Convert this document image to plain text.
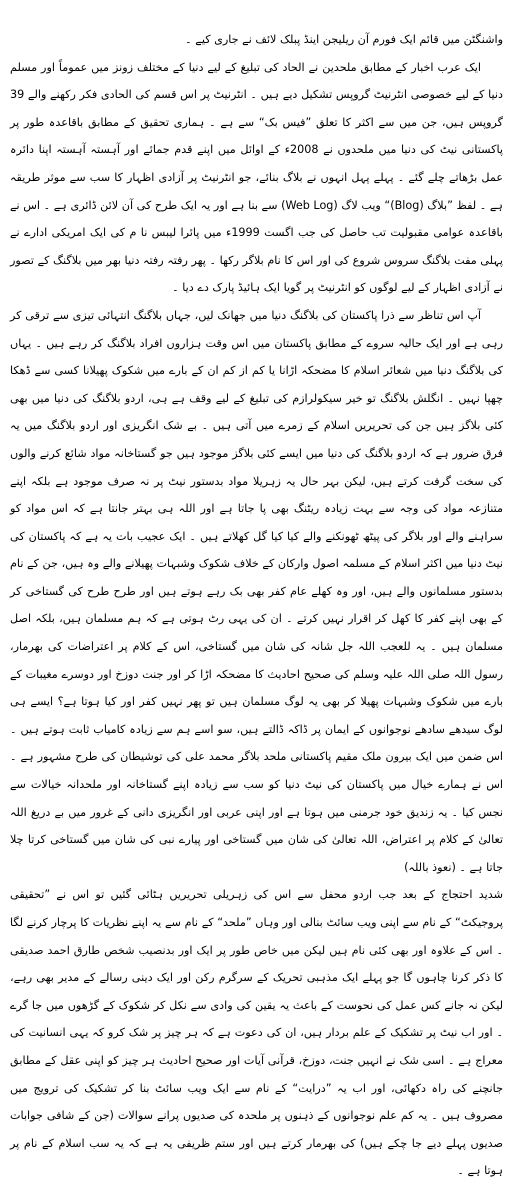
واشنگٹن میں قائم ایک فورم آن ریلیجن اینڈ پبلک لائف نے جاری کیے ۔

ایک عرب اخبار کے مطابق ملحدین نے الحاد کی تبلیغ کے لیے دنیا کے مختلف زونز میں عموماً اور مسلم دنیا کے لیے خصوصی انٹرنیٹ گروپس تشکیل دیے ہیں ۔ انٹرنیٹ پر اس قسم کی الحادی فکر رکھنے والے 39 گروپس ہیں، جن میں سے اکثر کا تعلق ”فیس بک“ سے ہے ۔ ہماری تحقیق کے مطابق باقاعدہ طور پر پاکستانی نیٹ کی دنیا میں ملحدوں نے 2008ء کے اوائل میں اپنے قدم جمائے اور آہستہ آہستہ اپنا دائرہ عمل بڑھاتے چلے گئے ۔ پہلے پہل انہوں نے بلاگ بنائے، جو انٹرنیٹ پر آزادی اظہار کا سب سے موثر طریقہ ہے ۔ لفظ ”بلاگ (Blog)“ ویب لاگ (Web Log) سے بنا ہے اور یہ ایک طرح کی آن لائن ڈائری ہے ۔ اس نے باقاعدہ عوامی مقبولیت تب حاصل کی جب اگست 1999ء میں پائرا لیبس نا م کی ایک امریکی ادارے نے پہلی مفت بلاگنگ سروس شروع کی اور اس کا نام بلاگر رکھا ۔ پھر رفتہ رفتہ دنیا بھر میں بلاگنگ کے تصور نے آزادی اظہار کے لیے لوگوں کو انٹرنیٹ پر گویا ایک ہائیڈ پارک دے دیا ۔

آپ اس تناظر سے ذرا پاکستان کی بلاگنگ دنیا میں جھانک لیں، جہاں بلاگنگ انتہائی تیزی سے ترقی کر رہی ہے اور ایک حالیہ سروے کے مطابق پاکستان میں اس وقت ہزاروں افراد بلاگنگ کر رہے ہیں ۔ یہاں کی بلاگنگ دنیا میں شعائر اسلام کا مضحکہ اڑانا یا کم از کم ان کے بارے میں شکوک پھیلانا کسی سے ڈھکا چھپا نہیں ۔ انگلش بلاگنگ تو خیر سیکولرازم کی تبلیغ کے لیے وقف ہے ہی، اردو بلاگنگ کی دنیا میں بھی کئی بلاگز ہیں جن کی تحریریں اسلام کے زمرے میں آتی ہیں ۔ بے شک انگریزی اور اردو بلاگنگ میں یہ فرق ضرور ہے کہ اردو بلاگنگ کی دنیا میں ایسے کئی بلاگز موجود ہیں جو گستاخانہ مواد شائع کرنے والوں کی سخت گرفت کرتے ہیں، لیکن بہر حال یہ زہریلا مواد بدستور نیٹ پر نہ صرف موجود ہے بلکہ اپنے متنازعہ مواد کی وجہ سے بہت زیادہ ریٹنگ بھی پا جاتا ہے اور اللہ ہی بہتر جانتا ہے کہ اس مواد کو سراہنے والے اور بلاگر کی پیٹھ ٹھونکنے والے کیا کیا گل کھلاتے ہیں ۔ ایک عجیب بات یہ ہے کہ پاکستان کی نیٹ دنیا میں اکثر اسلام کے مسلمہ اصول وارکان کے خلاف شکوک وشبہات پھیلانے والے وہ ہیں، جن کے نام بدستور مسلمانوں والے ہیں، اور وہ کھلے عام کفر بھی بک رہے ہوتے ہیں اور طرح طرح کی گستاخی کر کے بھی اپنے کفر کا کھل کر اقرار نہیں کرتے ۔ ان کی یہی رٹ ہوتی ہے کہ ہم مسلمان ہیں، بلکہ اصل مسلمان ہیں ۔ یہ للعجب اللہ جل شانہ کی شان میں گستاخی، اس کے کلام پر اعتراضات کی بھرمار، رسول اللہ صلی اللہ علیہ وسلم کی صحیح احادیث کا مضحکہ اڑا کر اور جنت دوزخ اور دوسرے مغیبات کے بارے میں شکوک وشبہات پھیلا کر بھی یہ لوگ مسلمان ہیں تو پھر نہیں کفر اور کیا ہوتا ہے؟ ایسے ہی لوگ سیدھے سادھے نوجوانوں کے ایمان پر ڈاکہ ڈالتے ہیں، سو اسے ہم سے زیادہ کامیاب ثابت ہوتے ہیں ۔ اس ضمن میں ایک بیرون ملک مقیم پاکستانی ملحد بلاگر محمد علی کی توشیطان کی طرح مشہور ہے ۔ اس نے ہمارے خیال میں پاکستان کی نیٹ دنیا کو سب سے زیادہ اپنے گستاخانہ اور ملحدانہ خیالات سے نجس کیا ۔ یہ زندیق خود جرمنی میں ہوتا ہے اور اپنی عربی اور انگریزی دانی کے غرور میں بے دریغ اللہ تعالیٰ کے کلام پر اعتراض، اللہ تعالیٰ کی شان میں گستاخی اور پیارے نبی کی شان میں گستاخی کرتا چلا جاتا ہے ۔ (نعوذ باللہ)

شدید احتجاج کے بعد جب اردو محفل سے اس کی زہریلی تحریریں ہٹائی گئیں تو اس نے ”تحقیقی پروجیکٹ“ کے نام سے اپنی ویب سائٹ بنالی اور وہاں ”ملحد“ کے نام سے یہ اپنے نظریات کا پرچار کرنے لگا ۔ اس کے علاوہ اور بھی کئی نام ہیں لیکن میں خاص طور پر ایک اور بدنصیب شخص طارق احمد صدیقی کا ذکر کرنا چاہوں گا جو پہلے ایک مذہبی تحریک کے سرگرم رکن اور ایک دینی رسالے کے مدیر بھی رہے، لیکن نہ جانے کس عمل کی نحوست کے باعث یہ یقین کی وادی سے نکل کر شکوک کے گڑھوں میں جا گرے ۔ اور اب نیٹ پر تشکیک کے علم بردار ہیں، ان کی دعوت ہے کہ ہر چیز پر شک کرو کہ یہی انسانیت کی معراج ہے ۔ اسی شک نے انہیں جنت، دوزخ، قرآنی آیات اور صحیح احادیث ہر چیز کو اپنی عقل کے مطابق جانچنے کی راہ دکھائی، اور اب یہ ”درایت“ کے نام سے ایک ویب سائٹ بنا کر تشکیک کی ترویج میں مصروف ہیں ۔ یہ کم علم نوجوانوں کے ذہنوں پر ملحدہ کی صدیوں پرانے سوالات (جن کے شافی جوابات صدیوں پہلے دیے جا چکے ہیں) کی بھرمار کرتے ہیں اور ستم ظریفی یہ ہے کہ یہ سب اسلام کے نام پر ہوتا ہے ۔
